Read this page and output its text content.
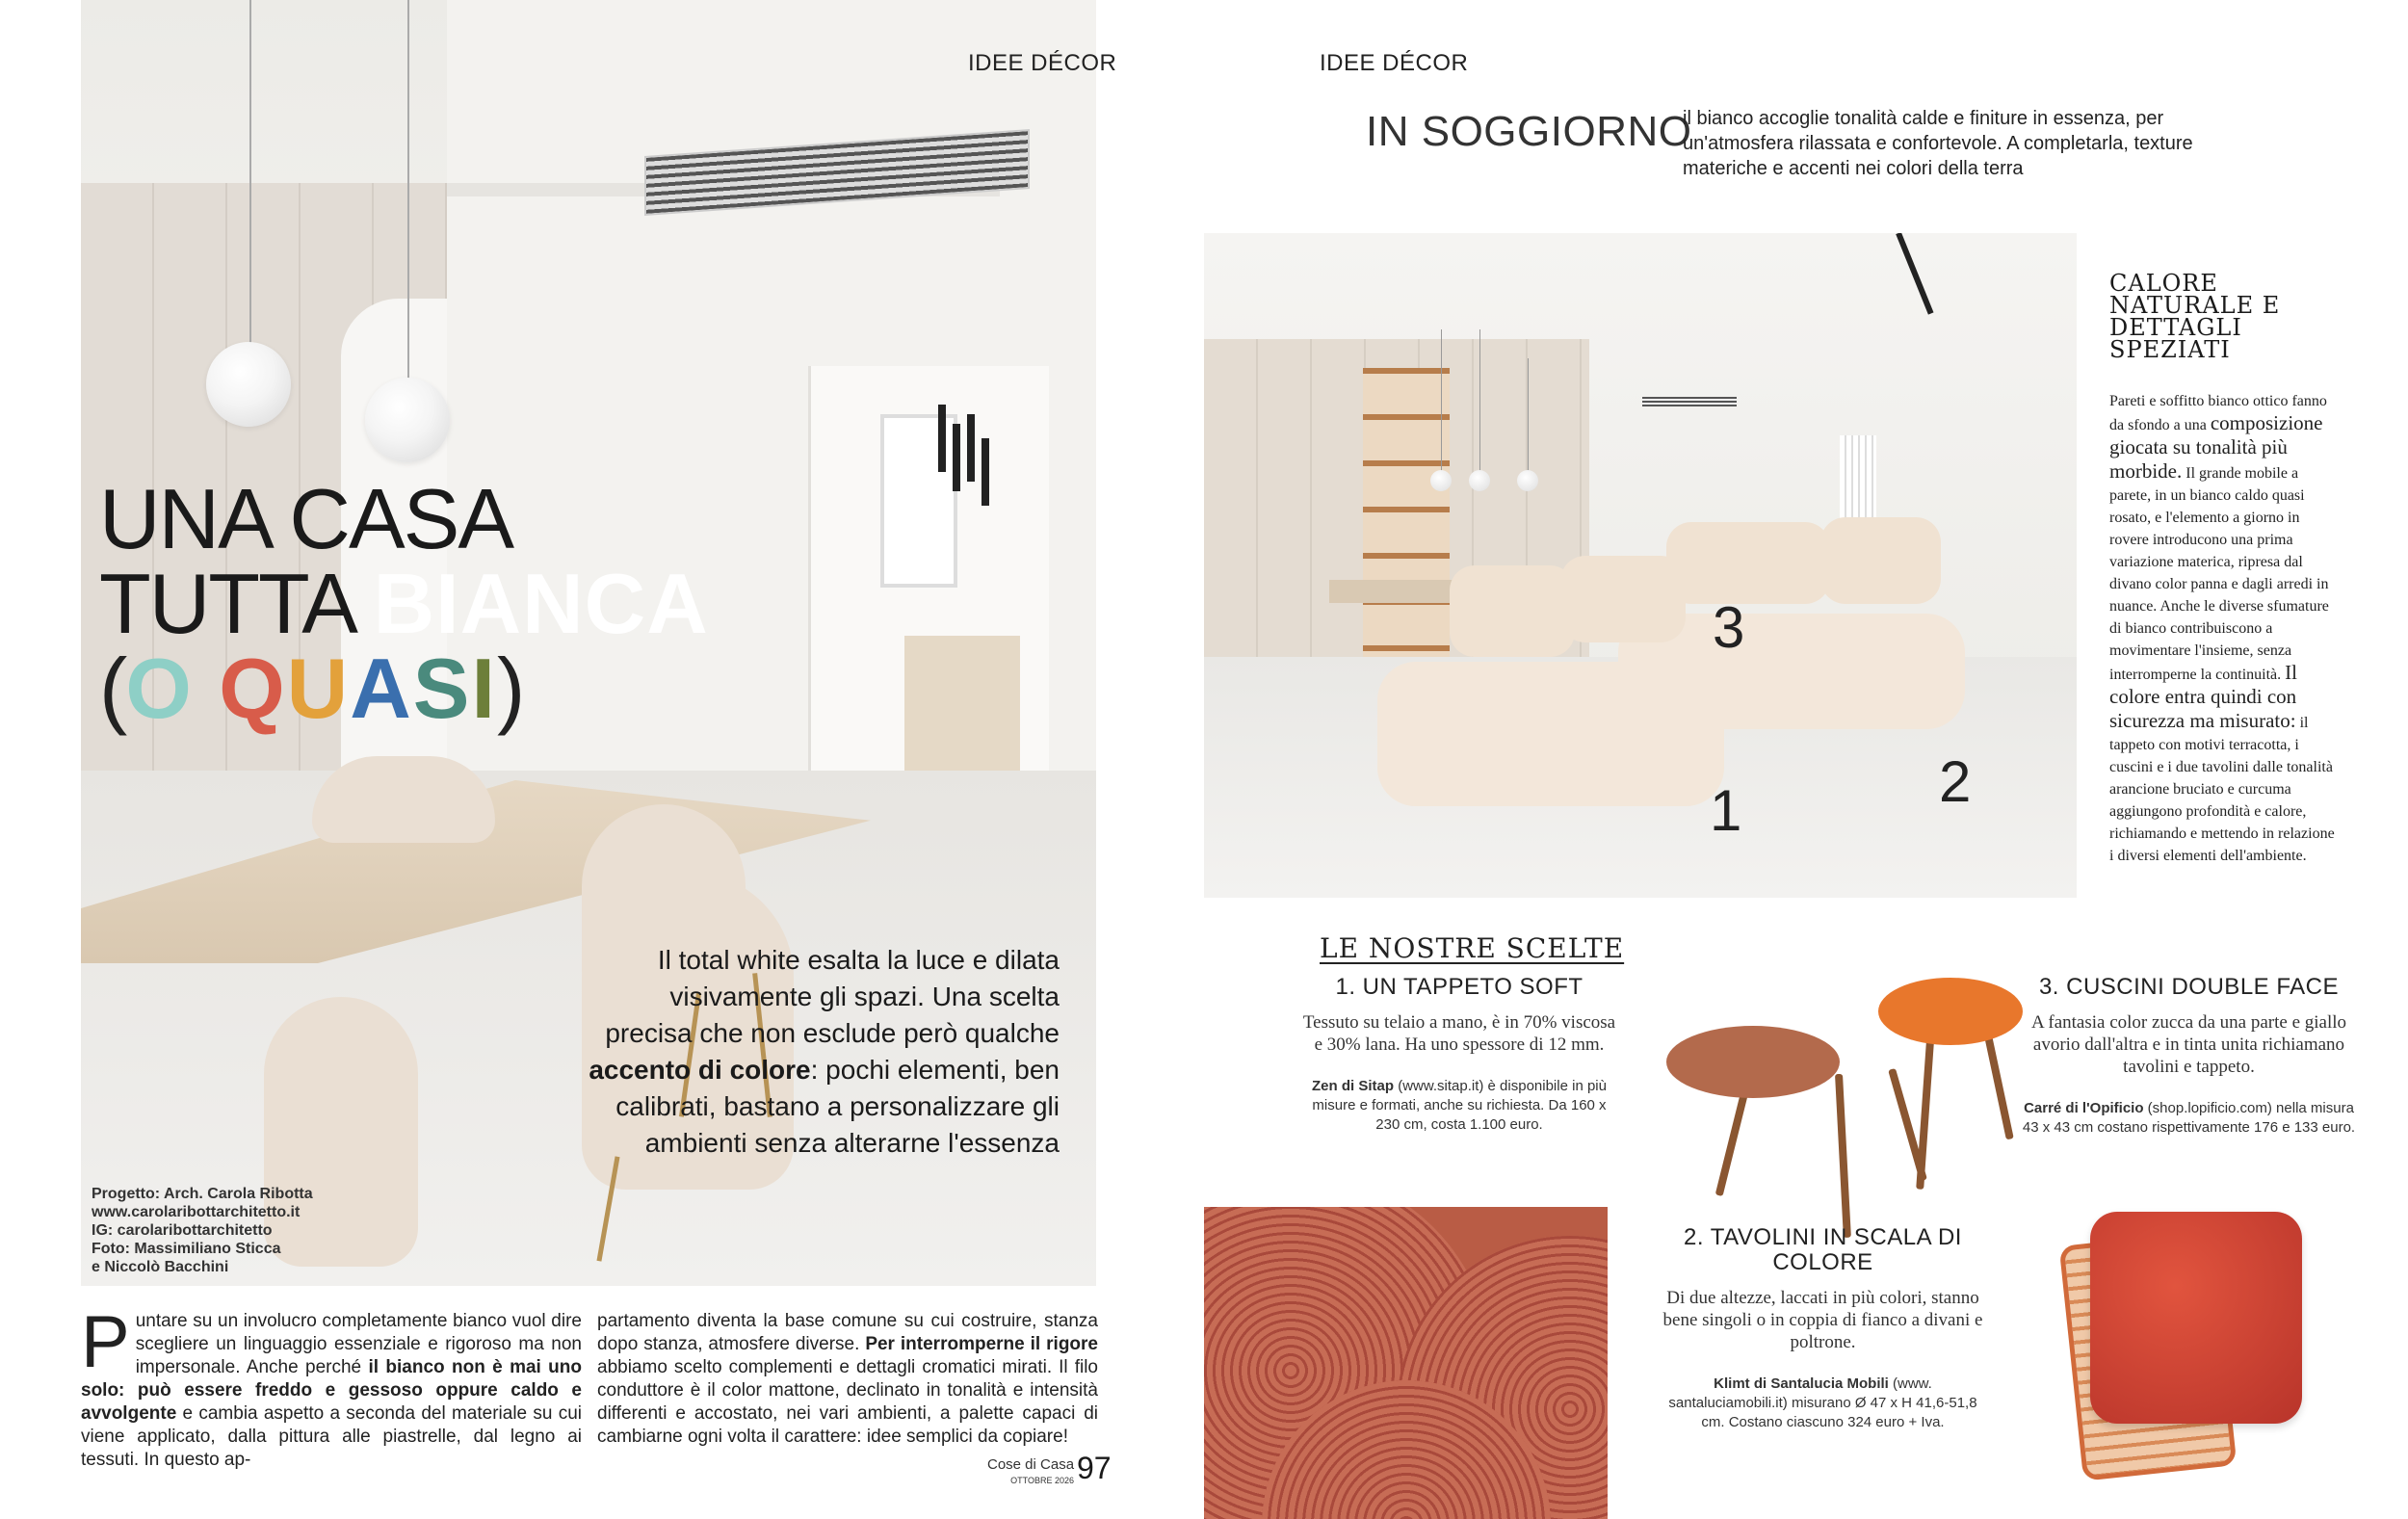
IDEE DÉCOR
UNA CASA
TUTTA BIANCA
(O QUASI)
Il total white esalta la luce e dilata visivamente gli spazi. Una scelta precisa che non esclude però qualche accento di colore: pochi elementi, ben calibrati, bastano a personalizzare gli ambienti senza alterarne l'essenza
Progetto: Arch. Carola Ribotta
www.carolaribottarchitetto.it
IG: carolaribottarchitetto
Foto: Massimiliano Sticca
e Niccolò Bacchini
Puntare su un involucro completamente bianco vuol dire scegliere un linguaggio essenziale e rigoroso ma non impersonale. Anche perché il bianco non è mai uno solo: può essere freddo e gessoso oppure caldo e avvolgente e cambia aspetto a seconda del materiale su cui viene applicato, dalla pittura alle piastrelle, dal legno ai tessuti. In questo ap-
partamento diventa la base comune su cui costruire, stanza dopo stanza, atmosfere diverse. Per interromperne il rigore abbiamo scelto complementi e dettagli cromatici mirati. Il filo conduttore è il color mattone, declinato in tonalità e intensità differenti e accostato, nei vari ambienti, a palette capaci di cambiarne ogni volta il carattere: idee semplici da copiare!
Cose di Casa
OTTOBRE 2026 97
IDEE DÉCOR
IN SOGGIORNO
il bianco accoglie tonalità calde e finiture in essenza, per un'atmosfera rilassata e confortevole. A completarla, texture materiche e accenti nei colori della terra
1	2
3
CALORE NATURALE E DETTAGLI SPEZIATI
Pareti e soffitto bianco ottico fanno da sfondo a una composizione giocata su tonalità più morbide. Il grande mobile a parete, in un bianco caldo quasi rosato, e l'elemento a giorno in rovere introducono una prima variazione materica, ripresa dal divano color panna e dagli arredi in nuance. Anche le diverse sfumature di bianco contribuiscono a movimentare l'insieme, senza interromperne la continuità. Il colore entra quindi con sicurezza ma misurato: il tappeto con motivi terracotta, i cuscini e i due tavolini dalle tonalità arancione bruciato e curcuma aggiungono profondità e calore, richiamando e mettendo in relazione i diversi elementi dell'ambiente.
LE NOSTRE SCELTE
1. UN TAPPETO SOFT
Tessuto su telaio a mano, è in 70% viscosa e 30% lana. Ha uno spessore di 12 mm.
Zen di Sitap (www.sitap.it) è disponibile in più misure e formati, anche su richiesta. Da 160 x 230 cm, costa 1.100 euro.
2. TAVOLINI IN SCALA DI COLORE
Di due altezze, laccati in più colori, stanno bene singoli o in coppia di fianco a divani e poltrone.
Klimt di Santalucia Mobili (www. santaluciamobili.it) misurano Ø 47 x H 41,6-51,8 cm. Costano ciascuno 324 euro + Iva.
3. CUSCINI DOUBLE FACE
A fantasia color zucca da una parte e giallo avorio dall'altra e in tinta unita richiamano tavolini e tappeto.
Carré di l'Opificio (shop.lopificio.com) nella misura 43 x 43 cm costano rispettivamente 176 e 133 euro.
